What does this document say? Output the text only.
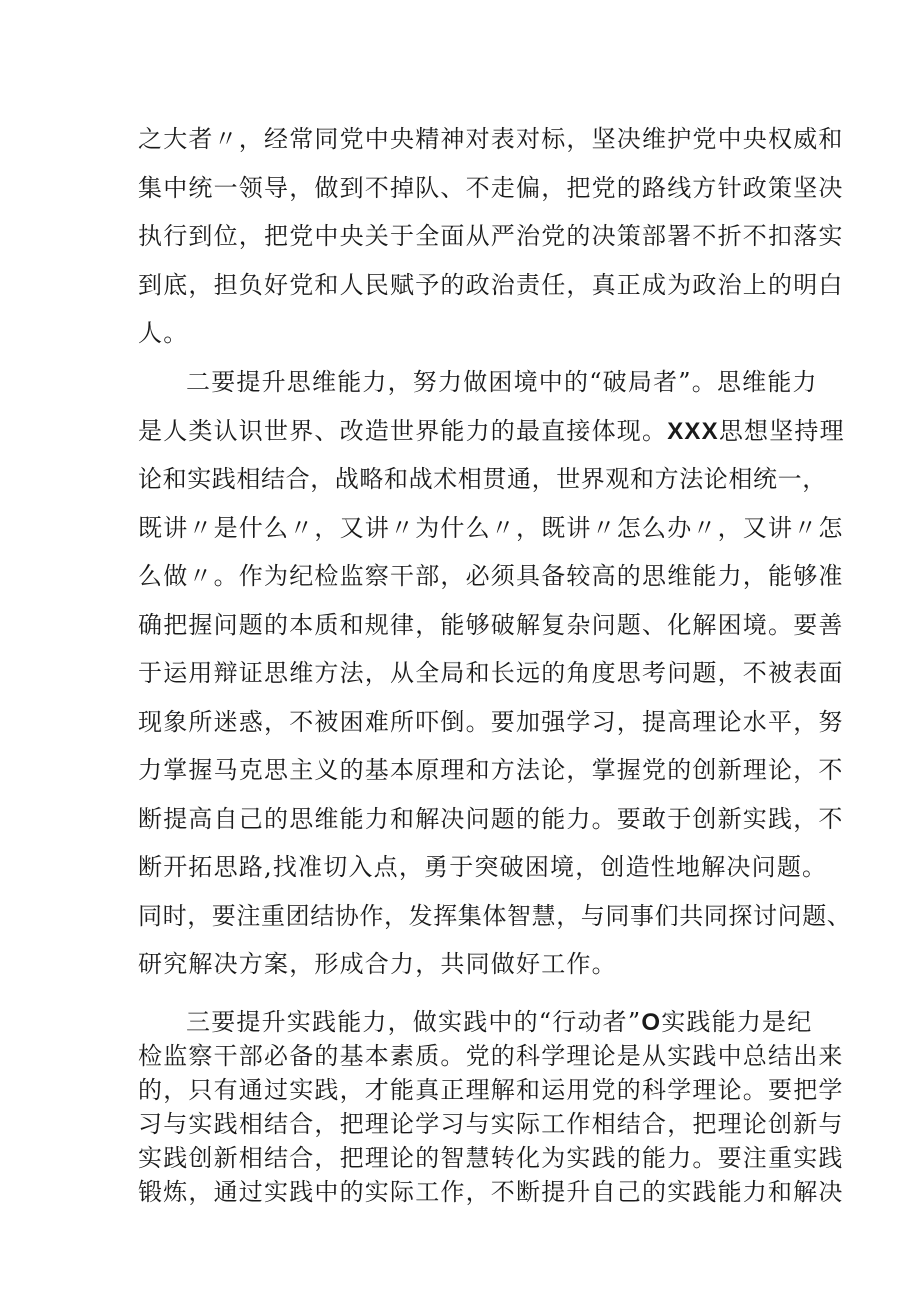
之大者〃，经常同党中央精神对表对标，坚决维护党中央权威和
集中统一领导，做到不掉队、不走偏，把党的路线方针政策坚决
执行到位，把党中央关于全面从严治党的决策部署不折不扣落实
到底，担负好党和人民赋予的政治责任，真正成为政治上的明白
人。
二要提升思维能力，努力做困境中的“破局者”。思维能力
是人类认识世界、改造世界能力的最直接体现。XXX思想坚持理
论和实践相结合，战略和战术相贯通，世界观和方法论相统一，
既讲〃是什么〃，又讲〃为什么〃，既讲〃怎么办〃，又讲〃怎
么做〃。作为纪检监察干部，必须具备较高的思维能力，能够准
确把握问题的本质和规律，能够破解复杂问题、化解困境。要善
于运用辩证思维方法，从全局和长远的角度思考问题，不被表面
现象所迷惑，不被困难所吓倒。要加强学习，提高理论水平，努
力掌握马克思主义的基本原理和方法论，掌握党的创新理论，不
断提高自己的思维能力和解决问题的能力。要敢于创新实践，不
断开拓思路,找准切入点，勇于突破困境，创造性地解决问题。
同时，要注重团结协作，发挥集体智慧，与同事们共同探讨问题、
研究解决方案，形成合力，共同做好工作。
三要提升实践能力，做实践中的“行动者”O实践能力是纪
检监察干部必备的基本素质。党的科学理论是从实践中总结出来
的，只有通过实践，才能真正理解和运用党的科学理论。要把学
习与实践相结合，把理论学习与实际工作相结合，把理论创新与
实践创新相结合，把理论的智慧转化为实践的能力。要注重实践
锻炼，通过实践中的实际工作，不断提升自己的实践能力和解决
